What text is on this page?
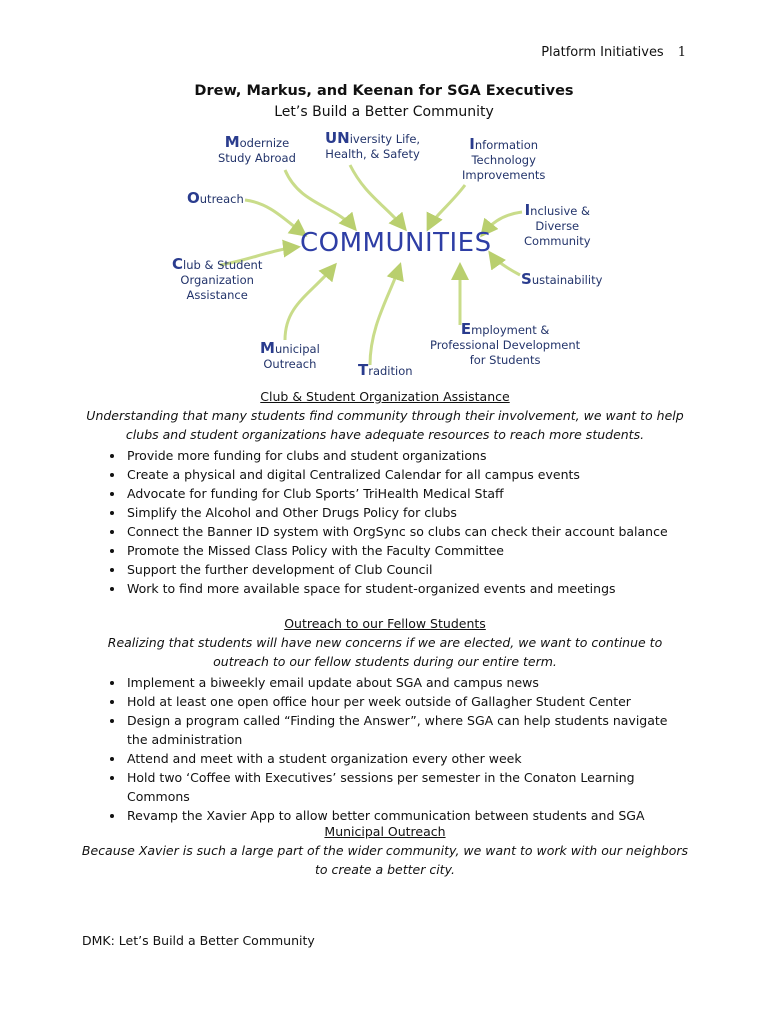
Platform Initiatives 1
Drew, Markus, and Keenan for SGA Executives
Let’s Build a Better Community
COMMUNITIES
Modernize
Study Abroad
UNiversity Life,
Health, & Safety
Information
Technology
Improvements
Outreach
Inclusive &
Diverse
Community
Club & Student
Organization
Assistance
Sustainability
Municipal
Outreach	Tradition
Employment &
Professional Development
for Students
Club & Student Organization Assistance
Understanding that many students find community through their involvement, we want to help clubs and student organizations have adequate resources to reach more students.
• Provide more funding for clubs and student organizations
• Create a physical and digital Centralized Calendar for all campus events
• Advocate for funding for Club Sports’ TriHealth Medical Staff
• Simplify the Alcohol and Other Drugs Policy for clubs
• Connect the Banner ID system with OrgSync so clubs can check their account balance
• Promote the Missed Class Policy with the Faculty Committee
• Support the further development of Club Council
• Work to find more available space for student-organized events and meetings
Outreach to our Fellow Students
Realizing that students will have new concerns if we are elected, we want to continue to outreach to our fellow students during our entire term.
• Implement a biweekly email update about SGA and campus news
• Hold at least one open office hour per week outside of Gallagher Student Center
• Design a program called “Finding the Answer”, where SGA can help students navigate the administration
• Attend and meet with a student organization every other week
• Hold two ‘Coffee with Executives’ sessions per semester in the Conaton Learning Commons
• Revamp the Xavier App to allow better communication between students and SGA
Municipal Outreach
Because Xavier is such a large part of the wider community, we want to work with our neighbors to create a better city.
DMK: Let’s Build a Better Community
